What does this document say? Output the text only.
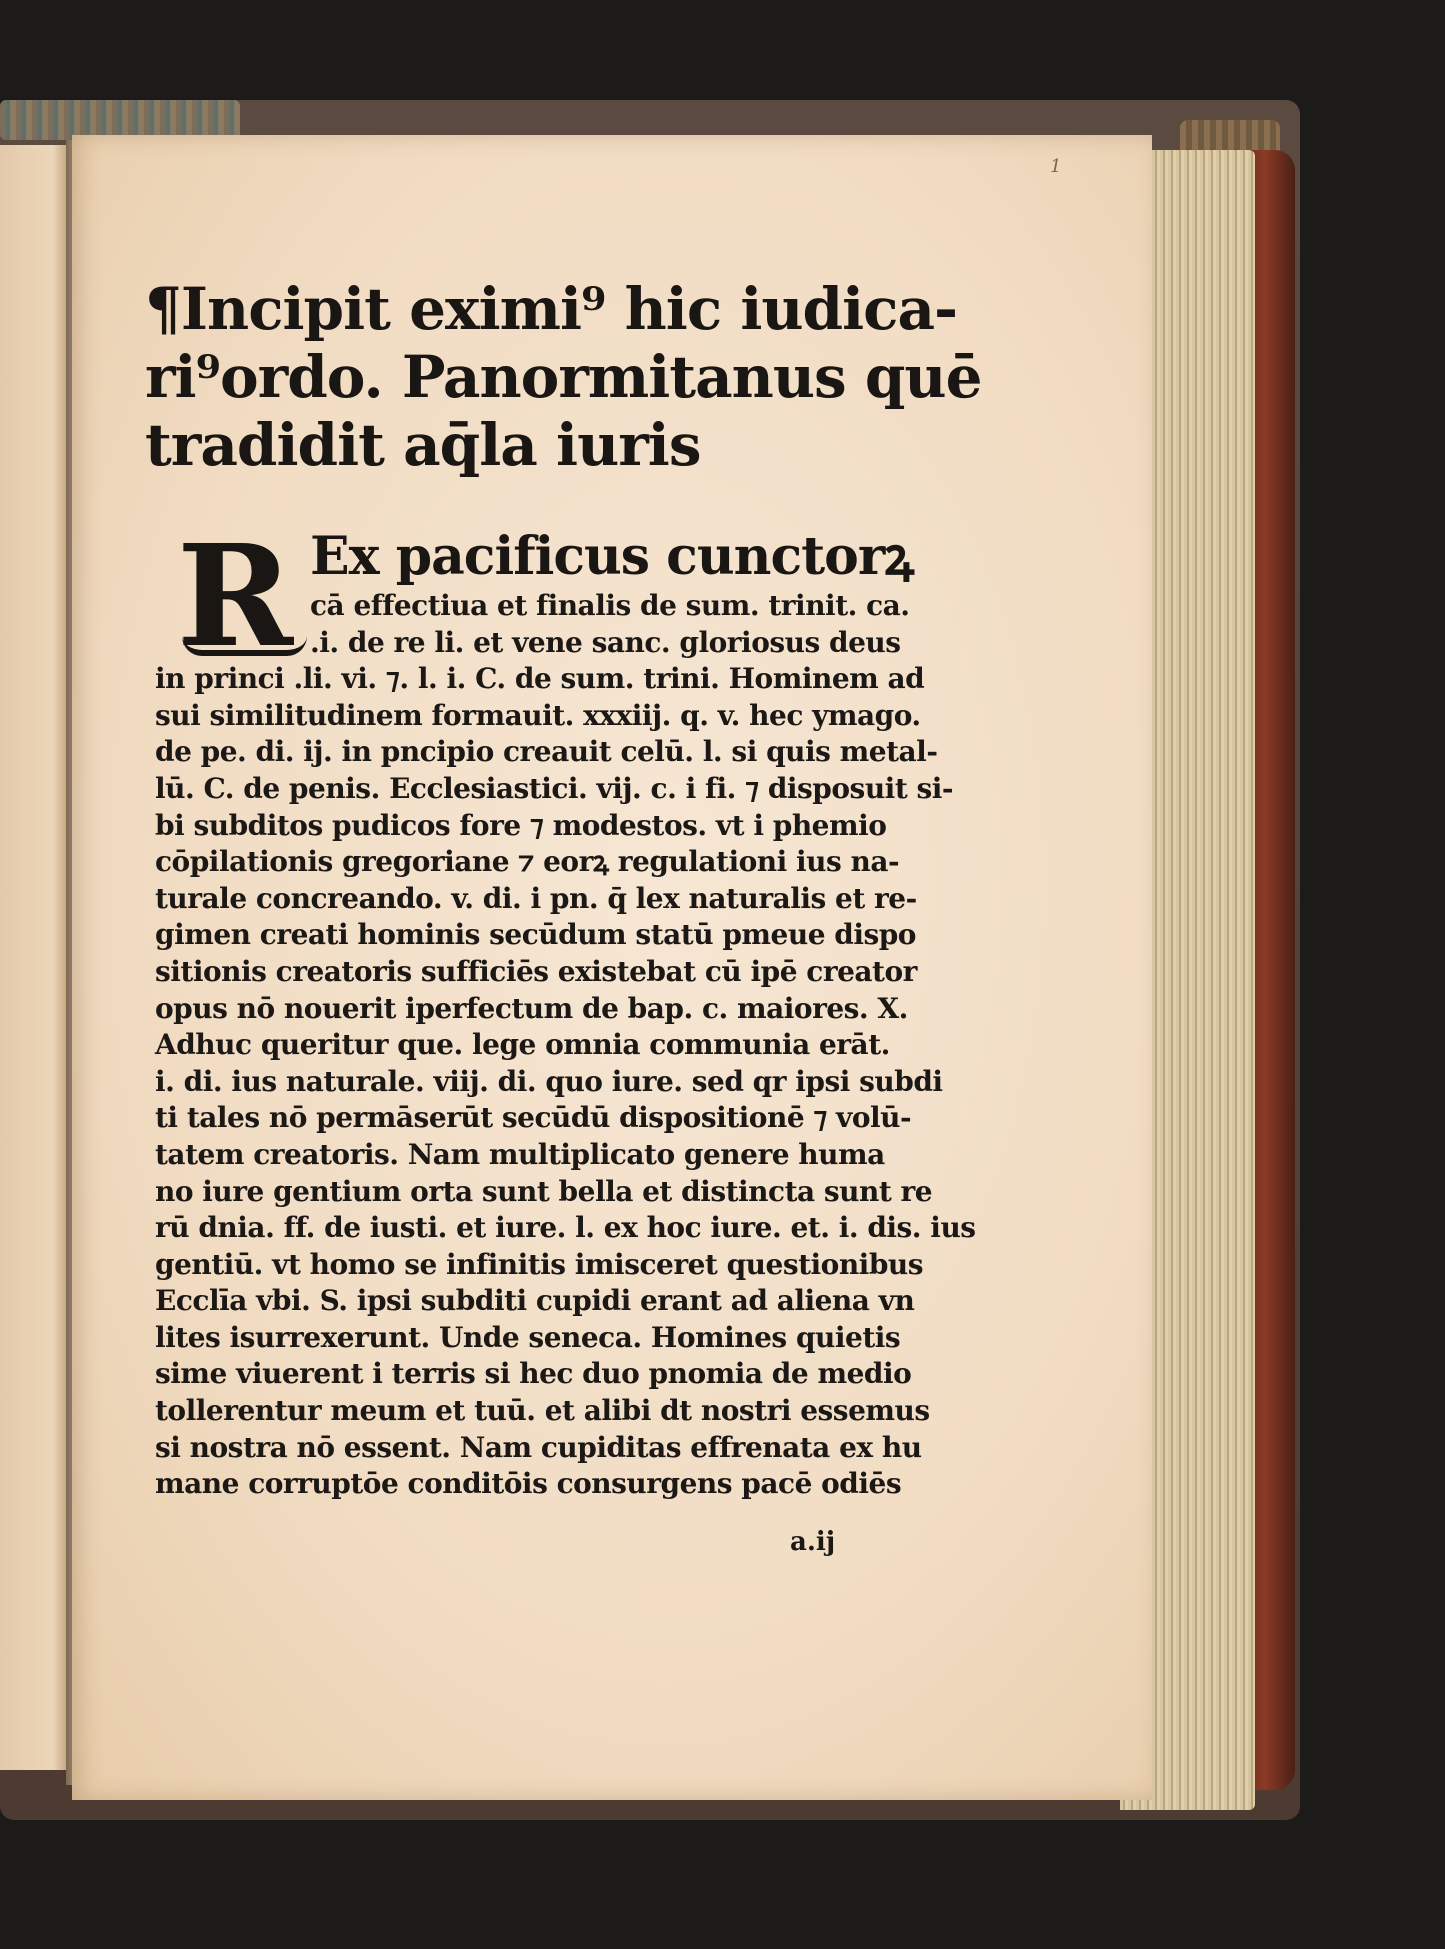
1
¶Incipit eximi⁹ hic iudica-
ri⁹ordo. Panormitanus quē
tradidit aq̄la iuris
R Ex pacificus cunctorꝝ
cā effectiua et finalis de sum. trinit. ca.
.i. de re li. et vene sanc. gloriosus deus
in princi .li. vi. ⁊. l. i. C. de sum. trini. Hominem ad
sui similitudinem formauit. xxxiij. q. v. hec ymago.
de pe. di. ij. in pncipio creauit celū. l. si quis metal-
lū. C. de penis. Ecclesiastici. vij. c. i fi. ⁊ disposuit si-
bi subditos pudicos fore ⁊ modestos. vt i phemio
cōpilationis gregoriane ⁊ eorꝝ regulationi ius na-
turale concreando. v. di. i pn. q̄ lex naturalis et re-
gimen creati hominis secūdum statū pmeue dispo
sitionis creatoris sufficiēs existebat cū ipē creator
opus nō nouerit iperfectum de bap. c. maiores. X.
Adhuc queritur que. lege omnia communia erāt.
i. di. ius naturale. viij. di. quo iure. sed qr ipsi subdi
ti tales nō permāserūt secūdū dispositionē ⁊ volū-
tatem creatoris. Nam multiplicato genere huma
no iure gentium orta sunt bella et distincta sunt re
rū dnia. ff. de iusti. et iure. l. ex hoc iure. et. i. dis. ius
gentiū. vt homo se infinitis imisceret questionibus
Ecclīa vbi. S. ipsi subditi cupidi erant ad aliena vn
lites isurrexerunt. Unde seneca. Homines quietis
sime viuerent i terris si hec duo pnomia de medio
tollerentur meum et tuū. et alibi dt nostri essemus
si nostra nō essent. Nam cupiditas effrenata ex hu
mane corruptōe conditōis consurgens pacē odiēs
a.ij
